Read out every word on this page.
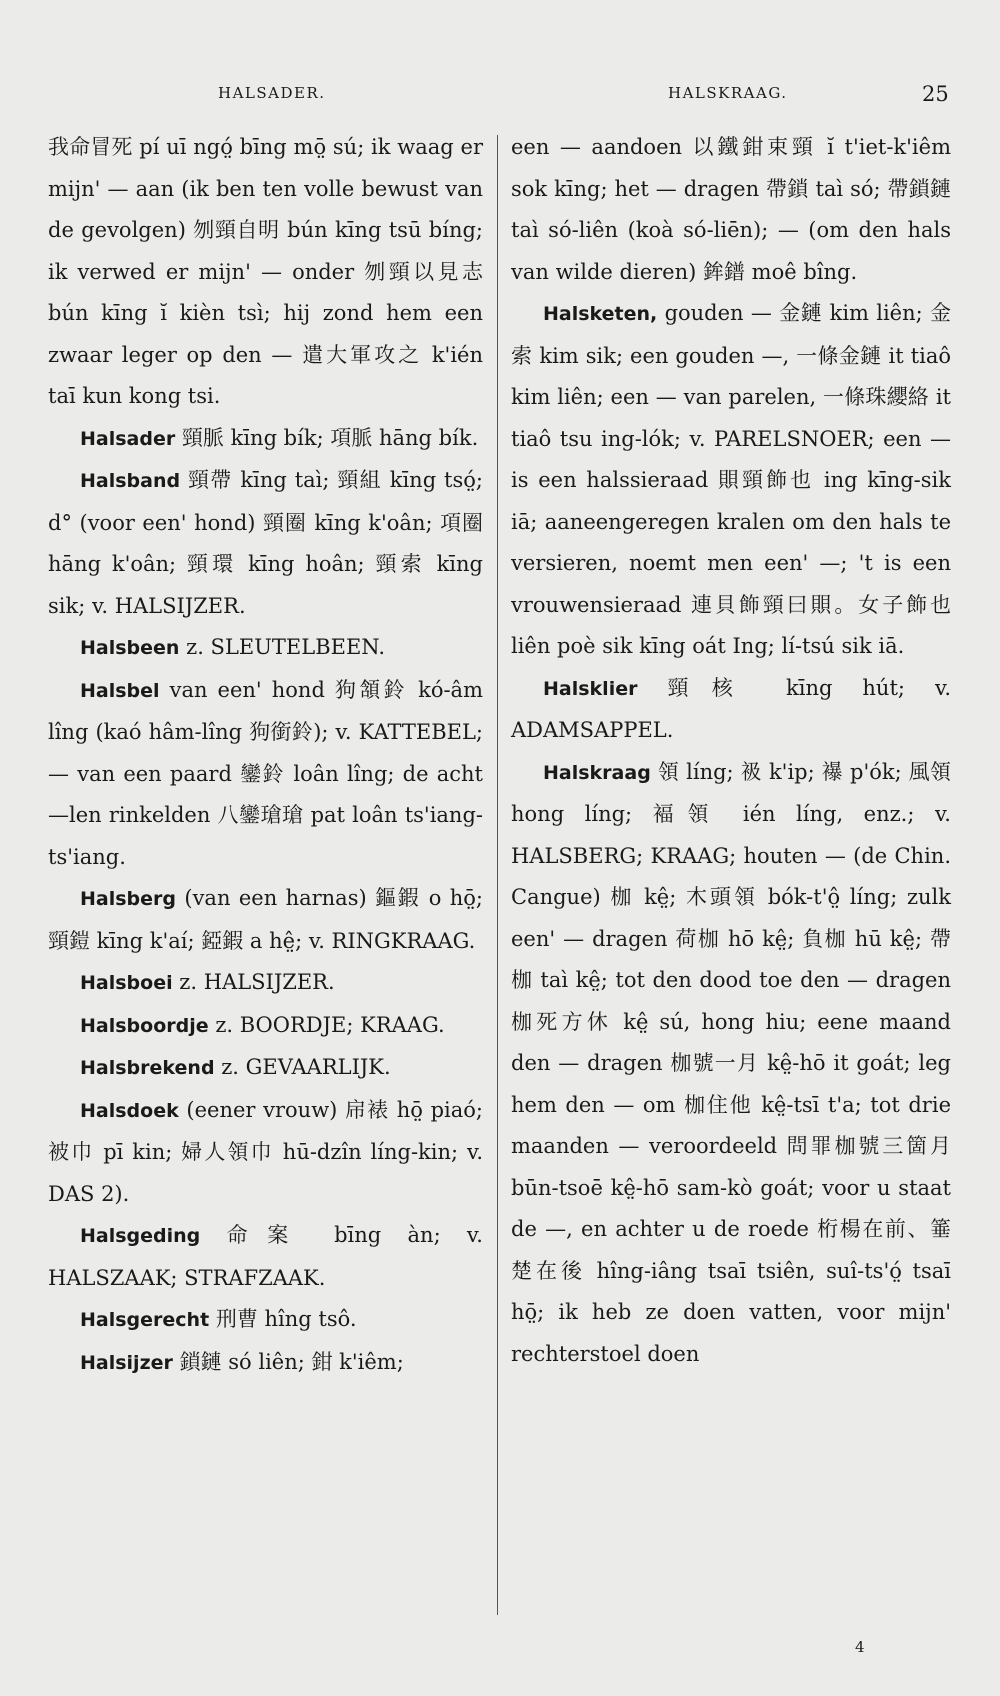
HALSADER.	HALSKRAAG.	25

我命冒死 pí uī ngó̤ bīng mō̤ sú; ik waag er mijn' — aan (ik ben ten volle bewust van de gevolgen) 刎頸自明 bún kīng tsū bíng; ik verwed er mijn' — onder 刎頸以見志 bún kīng ĭ kièn tsì; hij zond hem een zwaar leger op den — 遣大軍攻之 k'ién taī kun kong tsi.

Halsader 頸脈 kīng bík; 項脈 hāng bík.

Halsband 頸帶 kīng taì; 頸組 kīng tsó̤; d° (voor een' hond) 頸圈 kīng k'oân; 項圈 hāng k'oân; 頸環 kīng hoân; 頸索 kīng sik; v. HALSIJZER.

Halsbeen z. SLEUTELBEEN.

Halsbel van een' hond 狗頷鈴 kó-âm lîng (kaó hâm-lîng 狗銜鈴); v. KATTEBEL; — van een paard 鑾鈴 loân lîng; de acht —len rinkelden 八鑾瑲瑲 pat loân ts'iang-ts'iang.

Halsberg (van een harnas) 鏂鍜 o hō̤; 頸鎧 kīng k'aí; 錏鍜 a hê̤; v. RINGKRAAG.

Halsboei z. HALSIJZER.

Halsboordje z. BOORDJE; KRAAG.

Halsbrekend z. GEVAARLIJK.

Halsdoek (eener vrouw) 帍裱 hō̤ piaó; 被巾 pī kin; 婦人領巾 hū-dzîn líng-kin; v. DAS 2).

Halsgeding 命案 bīng àn; v. HALSZAAK; STRAFZAAK.

Halsgerecht 刑曹 hîng tsô.

Halsijzer 鎖鏈 só liên; 鉗 k'iêm;

een — aandoen 以鐵鉗束頸 ĭ t'iet-k'iêm sok kīng; het — dragen 帶鎖 taì só; 帶鎖鏈 taì só-liên (koà só-liēn); — (om den hals van wilde dieren) 鉾鐠 moê bîng.

Halsketen, gouden — 金鏈 kim liên; 金索 kim sik; een gouden —, 一條金鏈 it tiaô kim liên; een — van parelen, 一條珠纓絡 it tiaô tsu ing-lók; v. PARELSNOER; een — is een halssieraad 賏頸飾也 ing kīng-sik iā; aaneengeregen kralen om den hals te versieren, noemt men een' —; 't is een vrouwensieraad 連貝飾頸曰賏。女子飾也 liên poè sik kīng oát Ing; lí-tsú sik iā.

Halsklier 頸核 kīng hút; v. ADAMSAPPEL.

Halskraag 領 líng; 衱 k'ip; 襮 p'ók; 風領 hong líng; 褔領 ién líng, enz.; v. HALSBERG; KRAAG; houten — (de Chin. Cangue) 枷 kê̤; 木頭領 bók-t'ô̤ líng; zulk een' — dragen 荷枷 hō kê̤; 負枷 hū kê̤; 帶枷 taì kê̤; tot den dood toe den — dragen 枷死方休 kê̤ sú, hong hiu; eene maand den — dragen 枷號一月 kê̤-hō it goát; leg hem den — om 枷住他 kê̤-tsī t'a; tot drie maanden — veroordeeld 問罪枷號三箇月 būn-tsoē kê̤-hō sam-kò goát; voor u staat de —, en achter u de roede 桁楊在前、箠楚在後 hîng-iâng tsaī tsiên, suî-ts'ó̤ tsaī hō̤; ik heb ze doen vatten, voor mijn' rechterstoel doen

4
